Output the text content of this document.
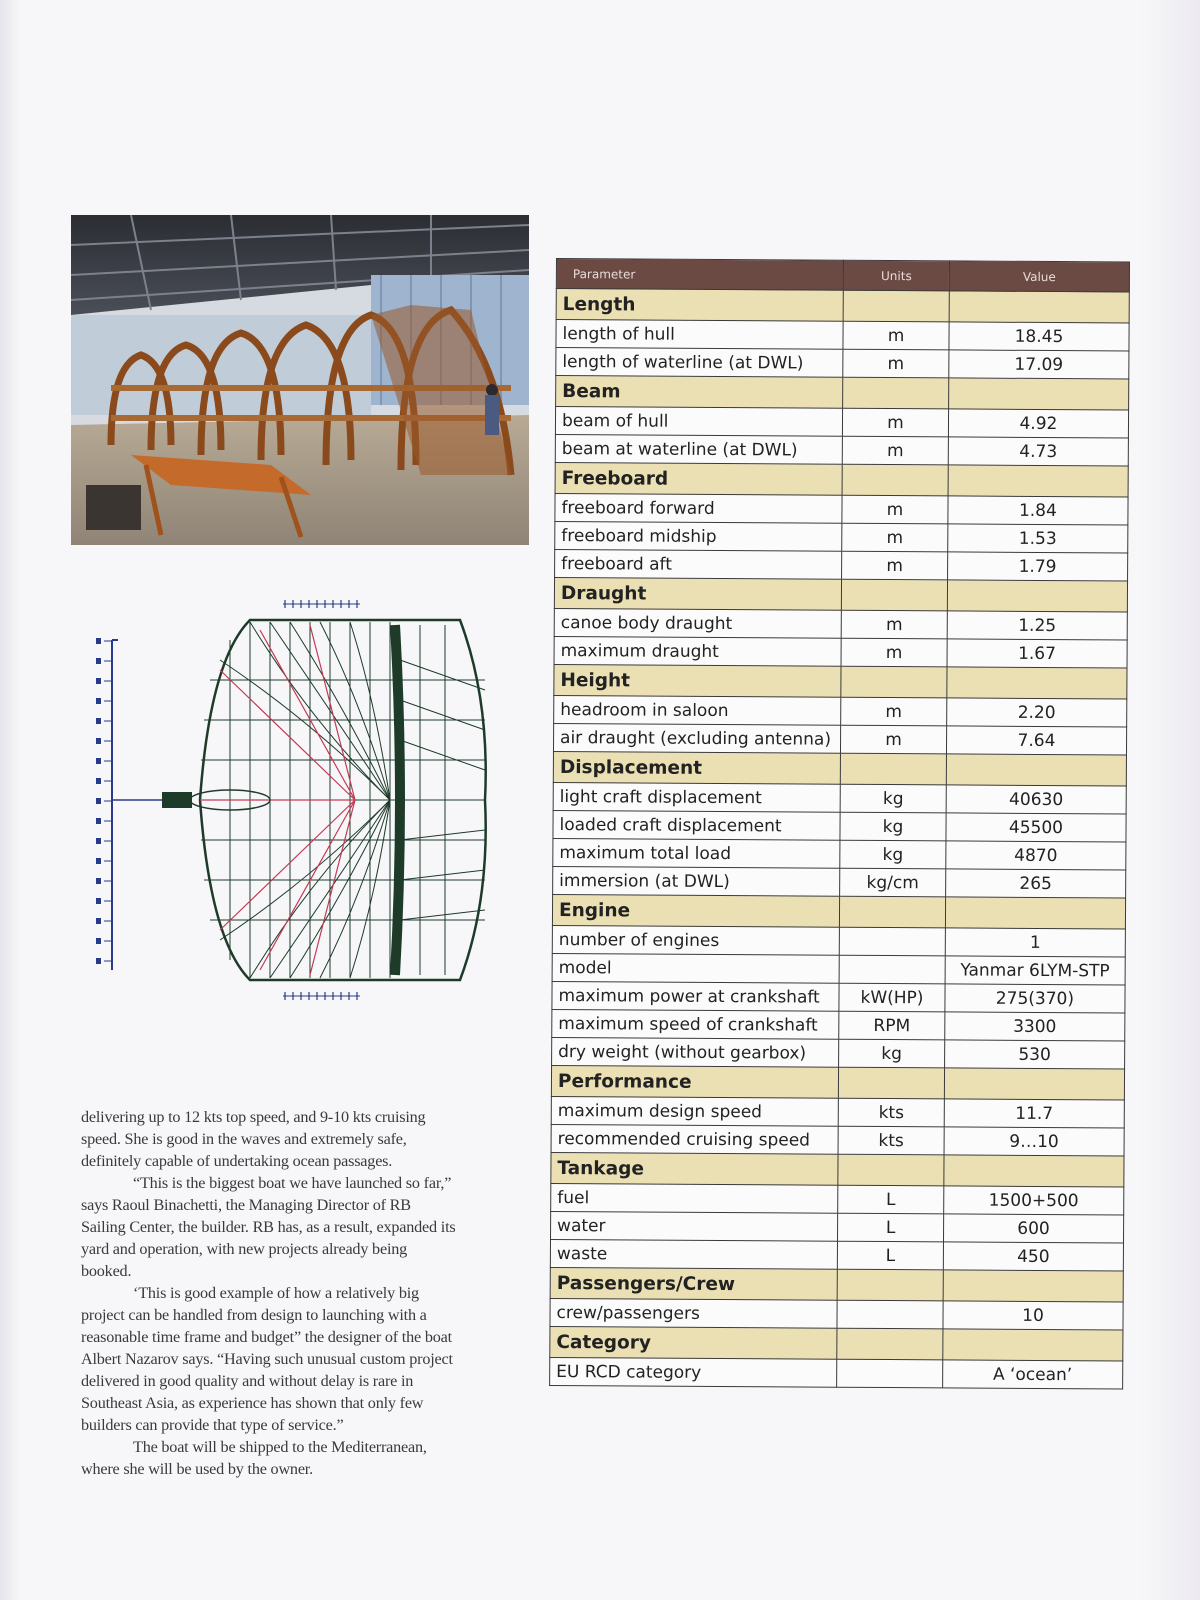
delivering up to 12 kts top speed, and 9-10 kts cruising speed. She is good in the waves and extremely safe, definitely capable of undertaking ocean passages.

“This is the biggest boat we have launched so far,” says Raoul Binachetti, the Managing Director of RB Sailing Center, the builder. RB has, as a result, expanded its yard and operation, with new projects already being booked.

‘This is good example of how a relatively big project can be handled from design to launching with a reasonable time frame and budget” the designer of the boat Albert Nazarov says. “Having such unusual custom project delivered in good quality and without delay is rare in Southeast Asia, as experience has shown that only few builders can provide that type of service.”

The boat will be shipped to the Mediterranean, where she will be used by the owner.

Parameter	Units	Value
Length		
length of hull	m	18.45
length of waterline (at DWL)	m	17.09
Beam		
beam of hull	m	4.92
beam at waterline (at DWL)	m	4.73
Freeboard		
freeboard forward	m	1.84
freeboard midship	m	1.53
freeboard aft	m	1.79
Draught		
canoe body draught	m	1.25
maximum draught	m	1.67
Height		
headroom in saloon	m	2.20
air draught (excluding antenna)	m	7.64
Displacement		
light craft displacement	kg	40630
loaded craft displacement	kg	45500
maximum total load	kg	4870
immersion (at DWL)	kg/cm	265
Engine		
number of engines		1
model		Yanmar 6LYM-STP
maximum power at crankshaft	kW(HP)	275(370)
maximum speed of crankshaft	RPM	3300
dry weight (without gearbox)	kg	530
Performance		
maximum design speed	kts	11.7
recommended cruising speed	kts	9…10
Tankage		
fuel	L	1500+500
water	L	600
waste	L	450
Passengers/Crew		
crew/passengers		10
Category		
EU RCD category		A ‘ocean’
